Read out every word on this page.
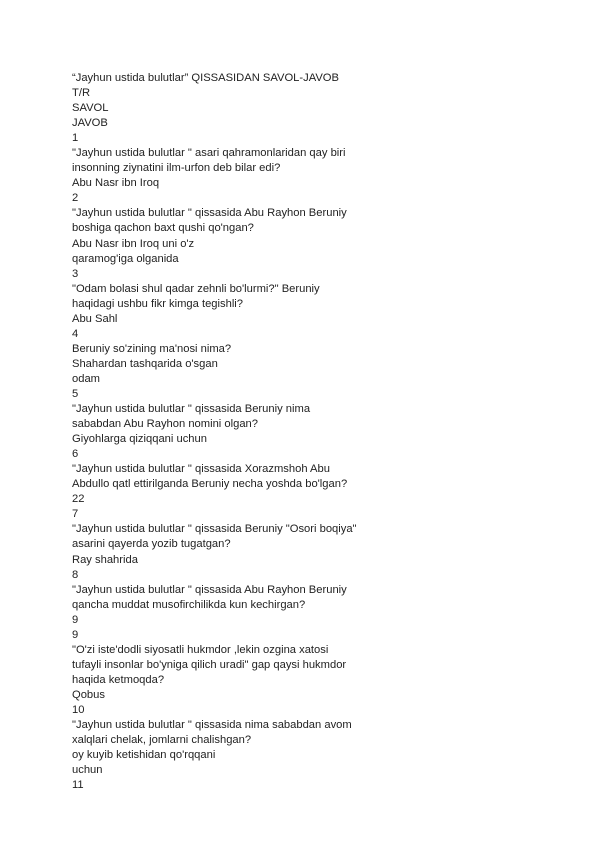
“Jayhun ustida bulutlar” QISSASIDAN SAVOL-JAVOB
T/R
SAVOL
JAVOB
1
"Jayhun ustida bulutlar " asari qahramonlaridan qay biri
insonning ziynatini ilm-urfon deb bilar edi?
Abu Nasr ibn Iroq
2
"Jayhun ustida bulutlar " qissasida Abu Rayhon Beruniy
boshiga qachon baxt qushi qo'ngan?
Abu Nasr ibn Iroq uni o'z
qaramog'iga olganida
3
"Odam bolasi shul qadar zehnli bo'lurmi?" Beruniy
haqidagi ushbu fikr kimga tegishli?
Abu Sahl
4
Beruniy so'zining ma'nosi nima?
Shahardan tashqarida o'sgan
odam
5
"Jayhun ustida bulutlar " qissasida Beruniy nima
sababdan Abu Rayhon nomini olgan?
Giyohlarga qiziqqani uchun
6
"Jayhun ustida bulutlar " qissasida Xorazmshoh Abu
Abdullo qatl ettirilganda Beruniy necha yoshda bo'lgan?
22
7
"Jayhun ustida bulutlar " qissasida Beruniy "Osori boqiya"
asarini qayerda yozib tugatgan?
Ray shahrida
8
"Jayhun ustida bulutlar " qissasida Abu Rayhon Beruniy
qancha muddat musofirchilikda kun kechirgan?
9
9
"O'zi iste'dodli siyosatli hukmdor ,lekin ozgina xatosi
tufayli insonlar bo'yniga qilich uradi" gap qaysi hukmdor
haqida ketmoqda?
Qobus
10
"Jayhun ustida bulutlar " qissasida nima sababdan avom
xalqlari chelak, jomlarni chalishgan?
oy kuyib ketishidan qo'rqqani
uchun
11
